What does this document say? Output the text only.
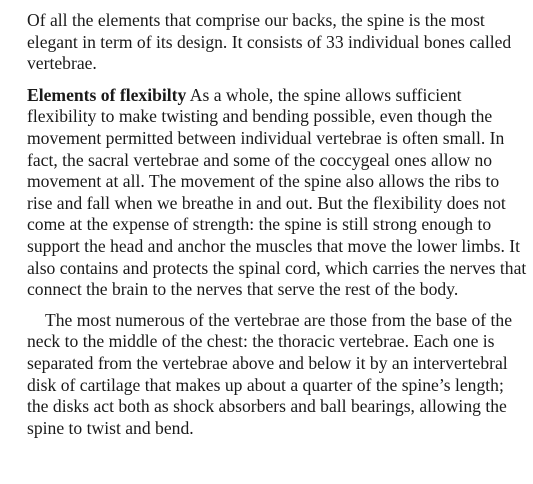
Of all the elements that comprise our backs, the spine is the most elegant in term of its design. It consists of 33 individual bones called vertebrae.

Elements of flexibilty As a whole, the spine allows sufficient flexibility to make twisting and bending possible, even though the movement permitted between individual vertebrae is often small. In fact, the sacral vertebrae and some of the coccygeal ones allow no movement at all. The movement of the spine also allows the ribs to rise and fall when we breathe in and out. But the flexibility does not come at the expense of strength: the spine is still strong enough to support the head and anchor the muscles that move the lower limbs. It also contains and protects the spinal cord, which carries the nerves that connect the brain to the nerves that serve the rest of the body.

The most numerous of the vertebrae are those from the base of the neck to the middle of the chest: the thoracic vertebrae. Each one is separated from the vertebrae above and below it by an intervertebral disk of cartilage that makes up about a quarter of the spine’s length; the disks act both as shock absorbers and ball bearings, allowing the spine to twist and bend.
